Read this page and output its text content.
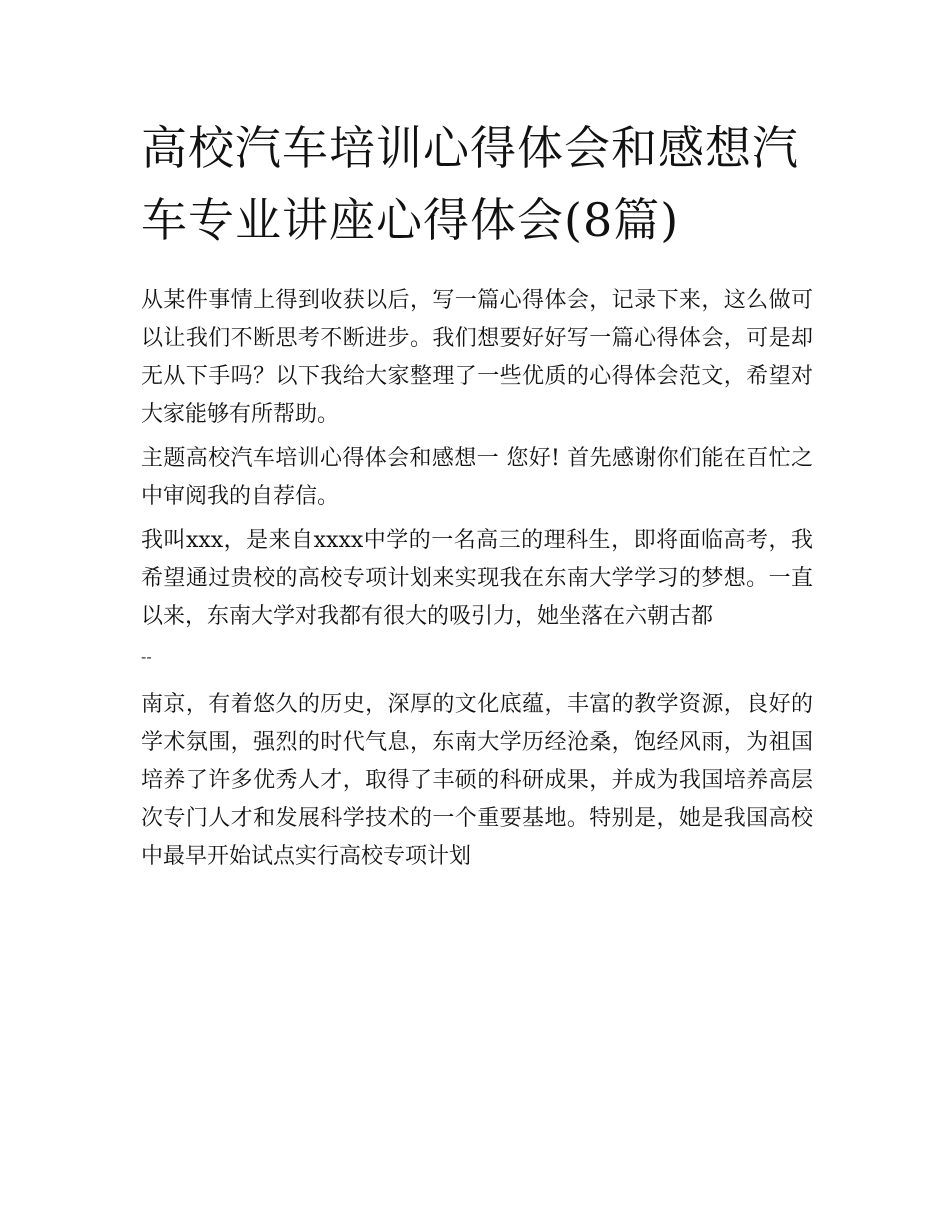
高校汽车培训心得体会和感想汽车专业讲座心得体会(8篇)

从某件事情上得到收获以后，写一篇心得体会，记录下来，这么做可以让我们不断思考不断进步。我们想要好好写一篇心得体会，可是却无从下手吗？以下我给大家整理了一些优质的心得体会范文，希望对大家能够有所帮助。

主题高校汽车培训心得体会和感想一 您好! 首先感谢你们能在百忙之中审阅我的自荐信。

我叫xxx，是来自xxxx中学的一名高三的理科生，即将面临高考，我希望通过贵校的高校专项计划来实现我在东南大学学习的梦想。一直以来，东南大学对我都有很大的吸引力，她坐落在六朝古都

--

南京，有着悠久的历史，深厚的文化底蕴，丰富的教学资源，良好的学术氛围，强烈的时代气息，东南大学历经沧桑，饱经风雨，为祖国培养了许多优秀人才，取得了丰硕的科研成果，并成为我国培养高层次专门人才和发展科学技术的一个重要基地。特别是，她是我国高校中最早开始试点实行高校专项计划
